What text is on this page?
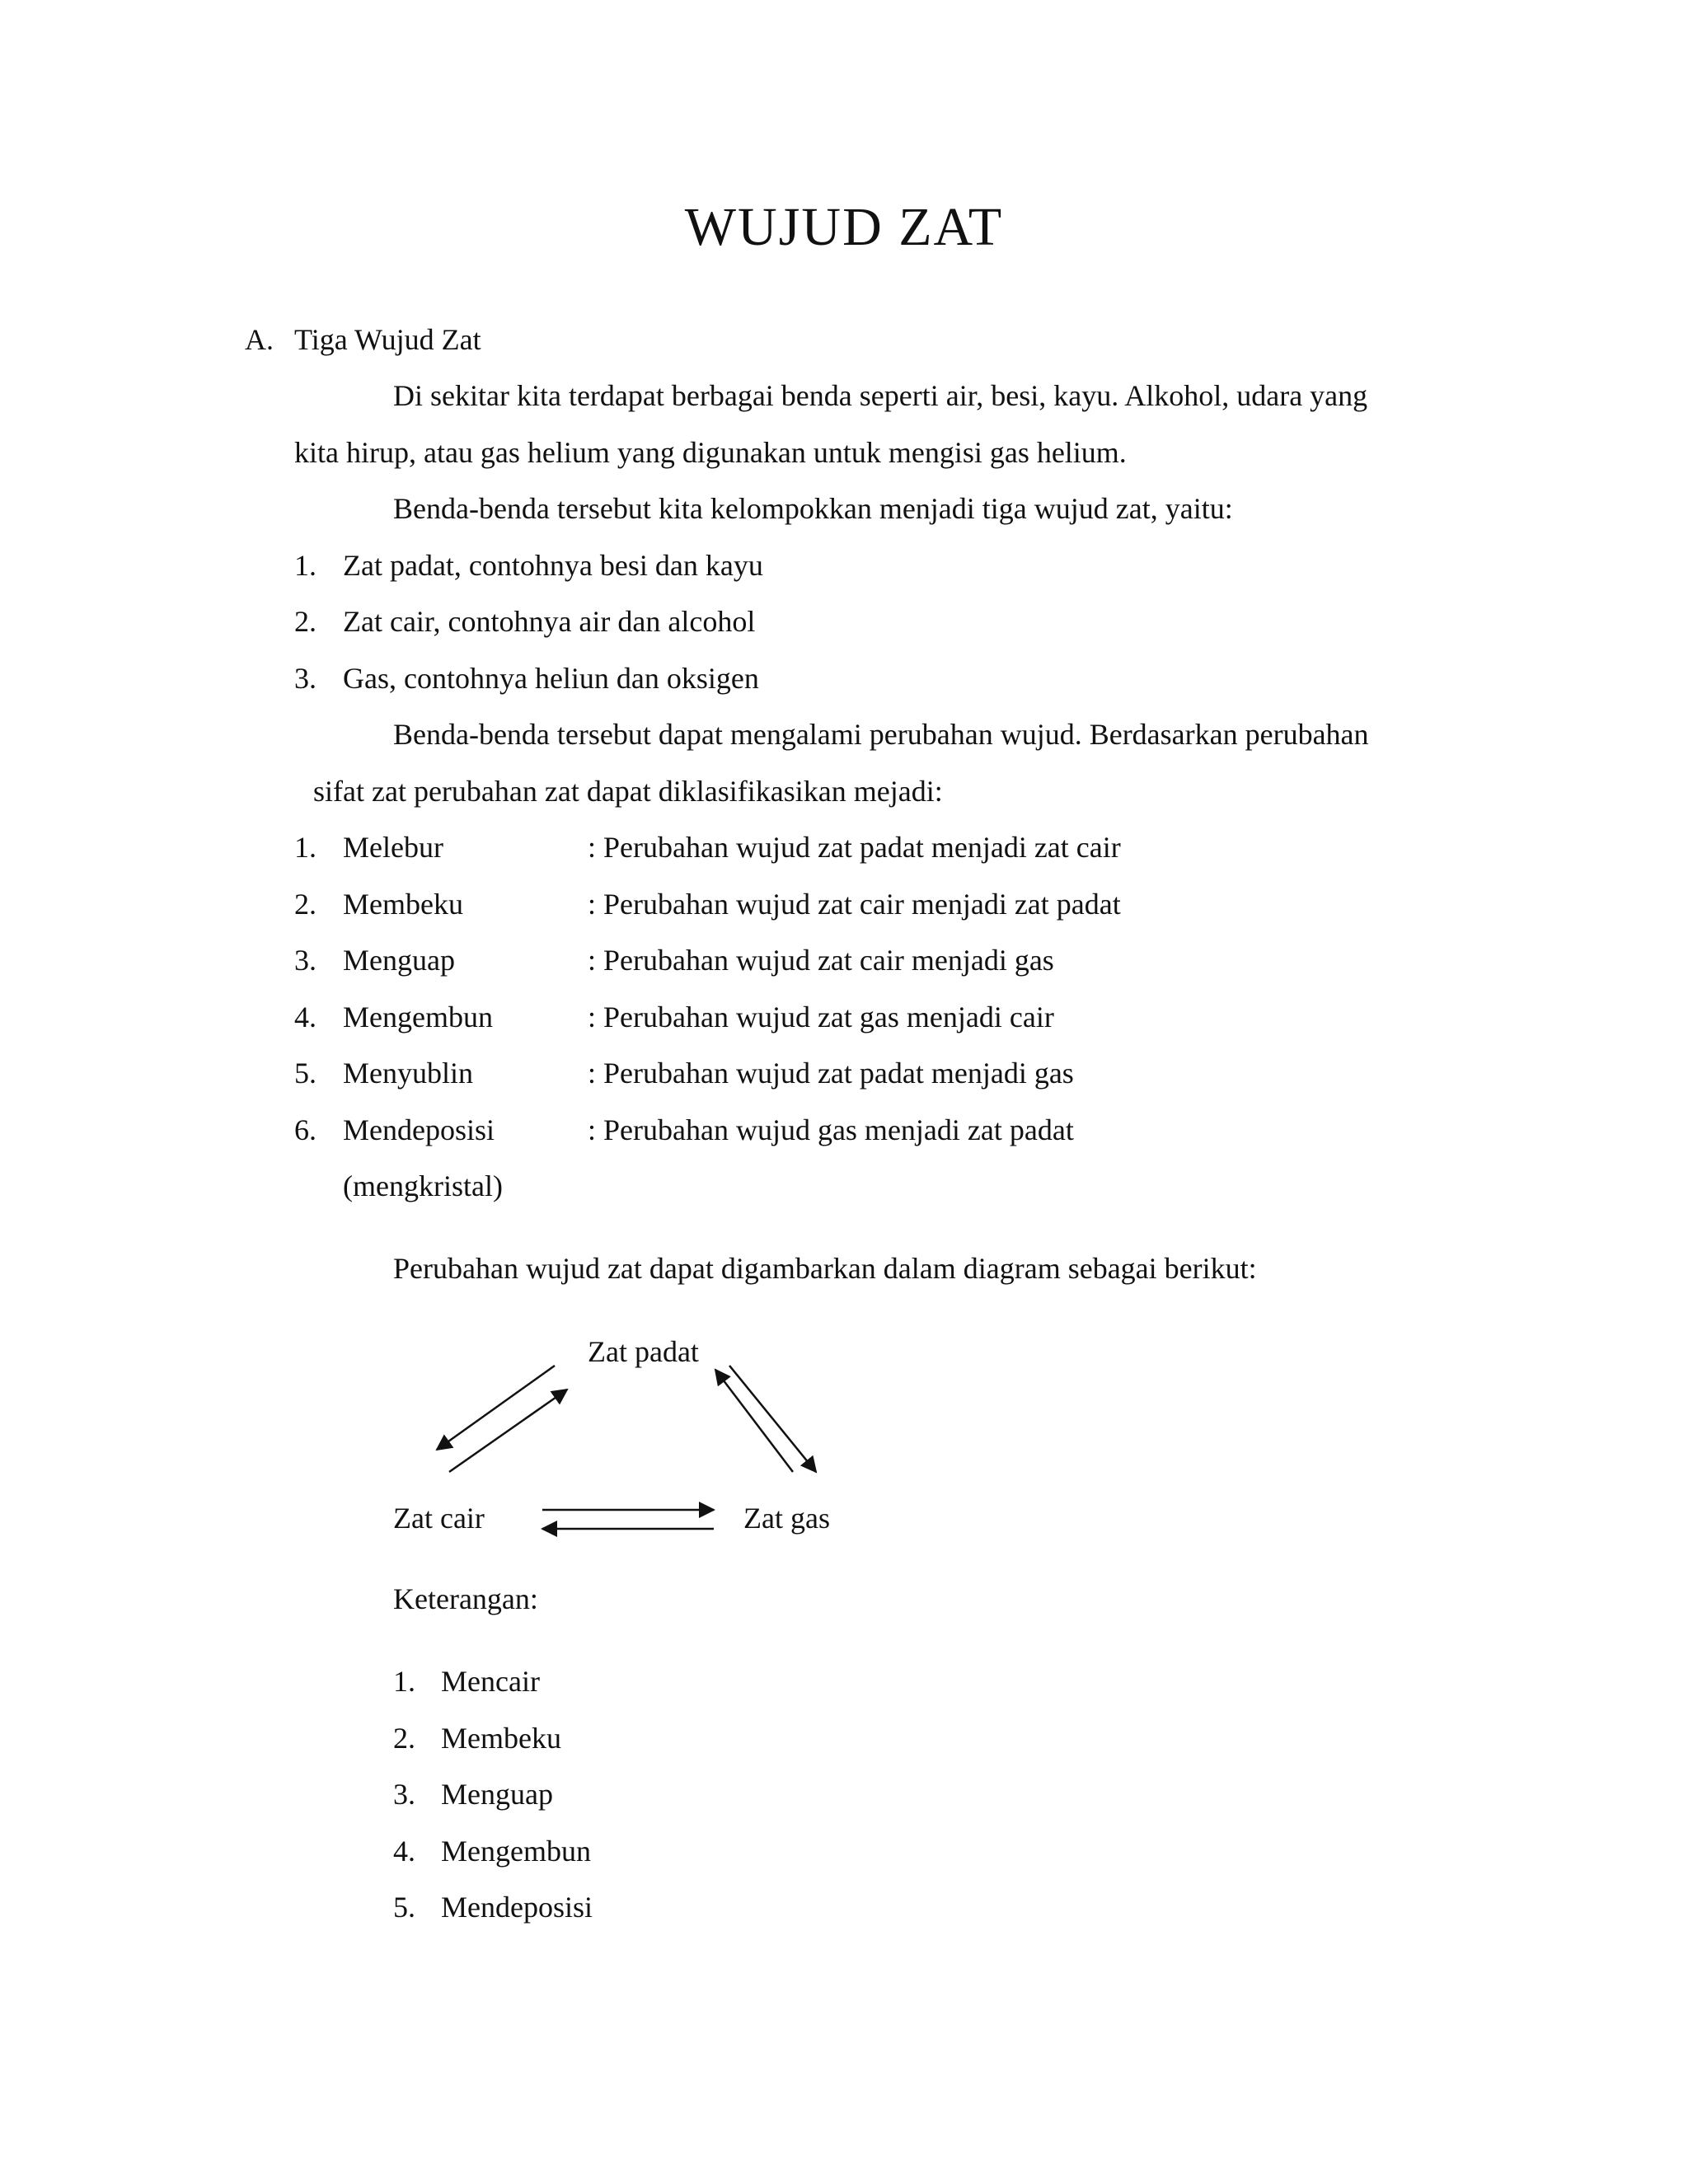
WUJUD ZAT
A. Tiga Wujud Zat
Di sekitar kita terdapat berbagai benda seperti air, besi, kayu. Alkohol, udara yang
kita hirup, atau gas helium yang digunakan untuk mengisi gas helium.
Benda-benda tersebut kita kelompokkan menjadi tiga wujud zat, yaitu:
1. Zat padat, contohnya besi dan kayu
2. Zat cair, contohnya air dan alcohol
3. Gas, contohnya heliun dan oksigen
Benda-benda tersebut dapat mengalami perubahan wujud. Berdasarkan perubahan
sifat zat perubahan zat dapat diklasifikasikan mejadi:
1. Melebur	: Perubahan wujud zat padat menjadi zat cair
2. Membeku	: Perubahan wujud zat cair menjadi zat padat
3. Menguap	: Perubahan wujud zat cair menjadi gas
4. Mengembun	: Perubahan wujud zat gas menjadi cair
5. Menyublin	: Perubahan wujud zat padat menjadi gas
6. Mendeposisi	: Perubahan wujud gas menjadi zat padat
(mengkristal)
Perubahan wujud zat dapat digambarkan dalam diagram sebagai berikut:
Zat padat
Zat cair	Zat gas
Keterangan:
1. Mencair
2. Membeku
3. Menguap
4. Mengembun
5. Mendeposisi
